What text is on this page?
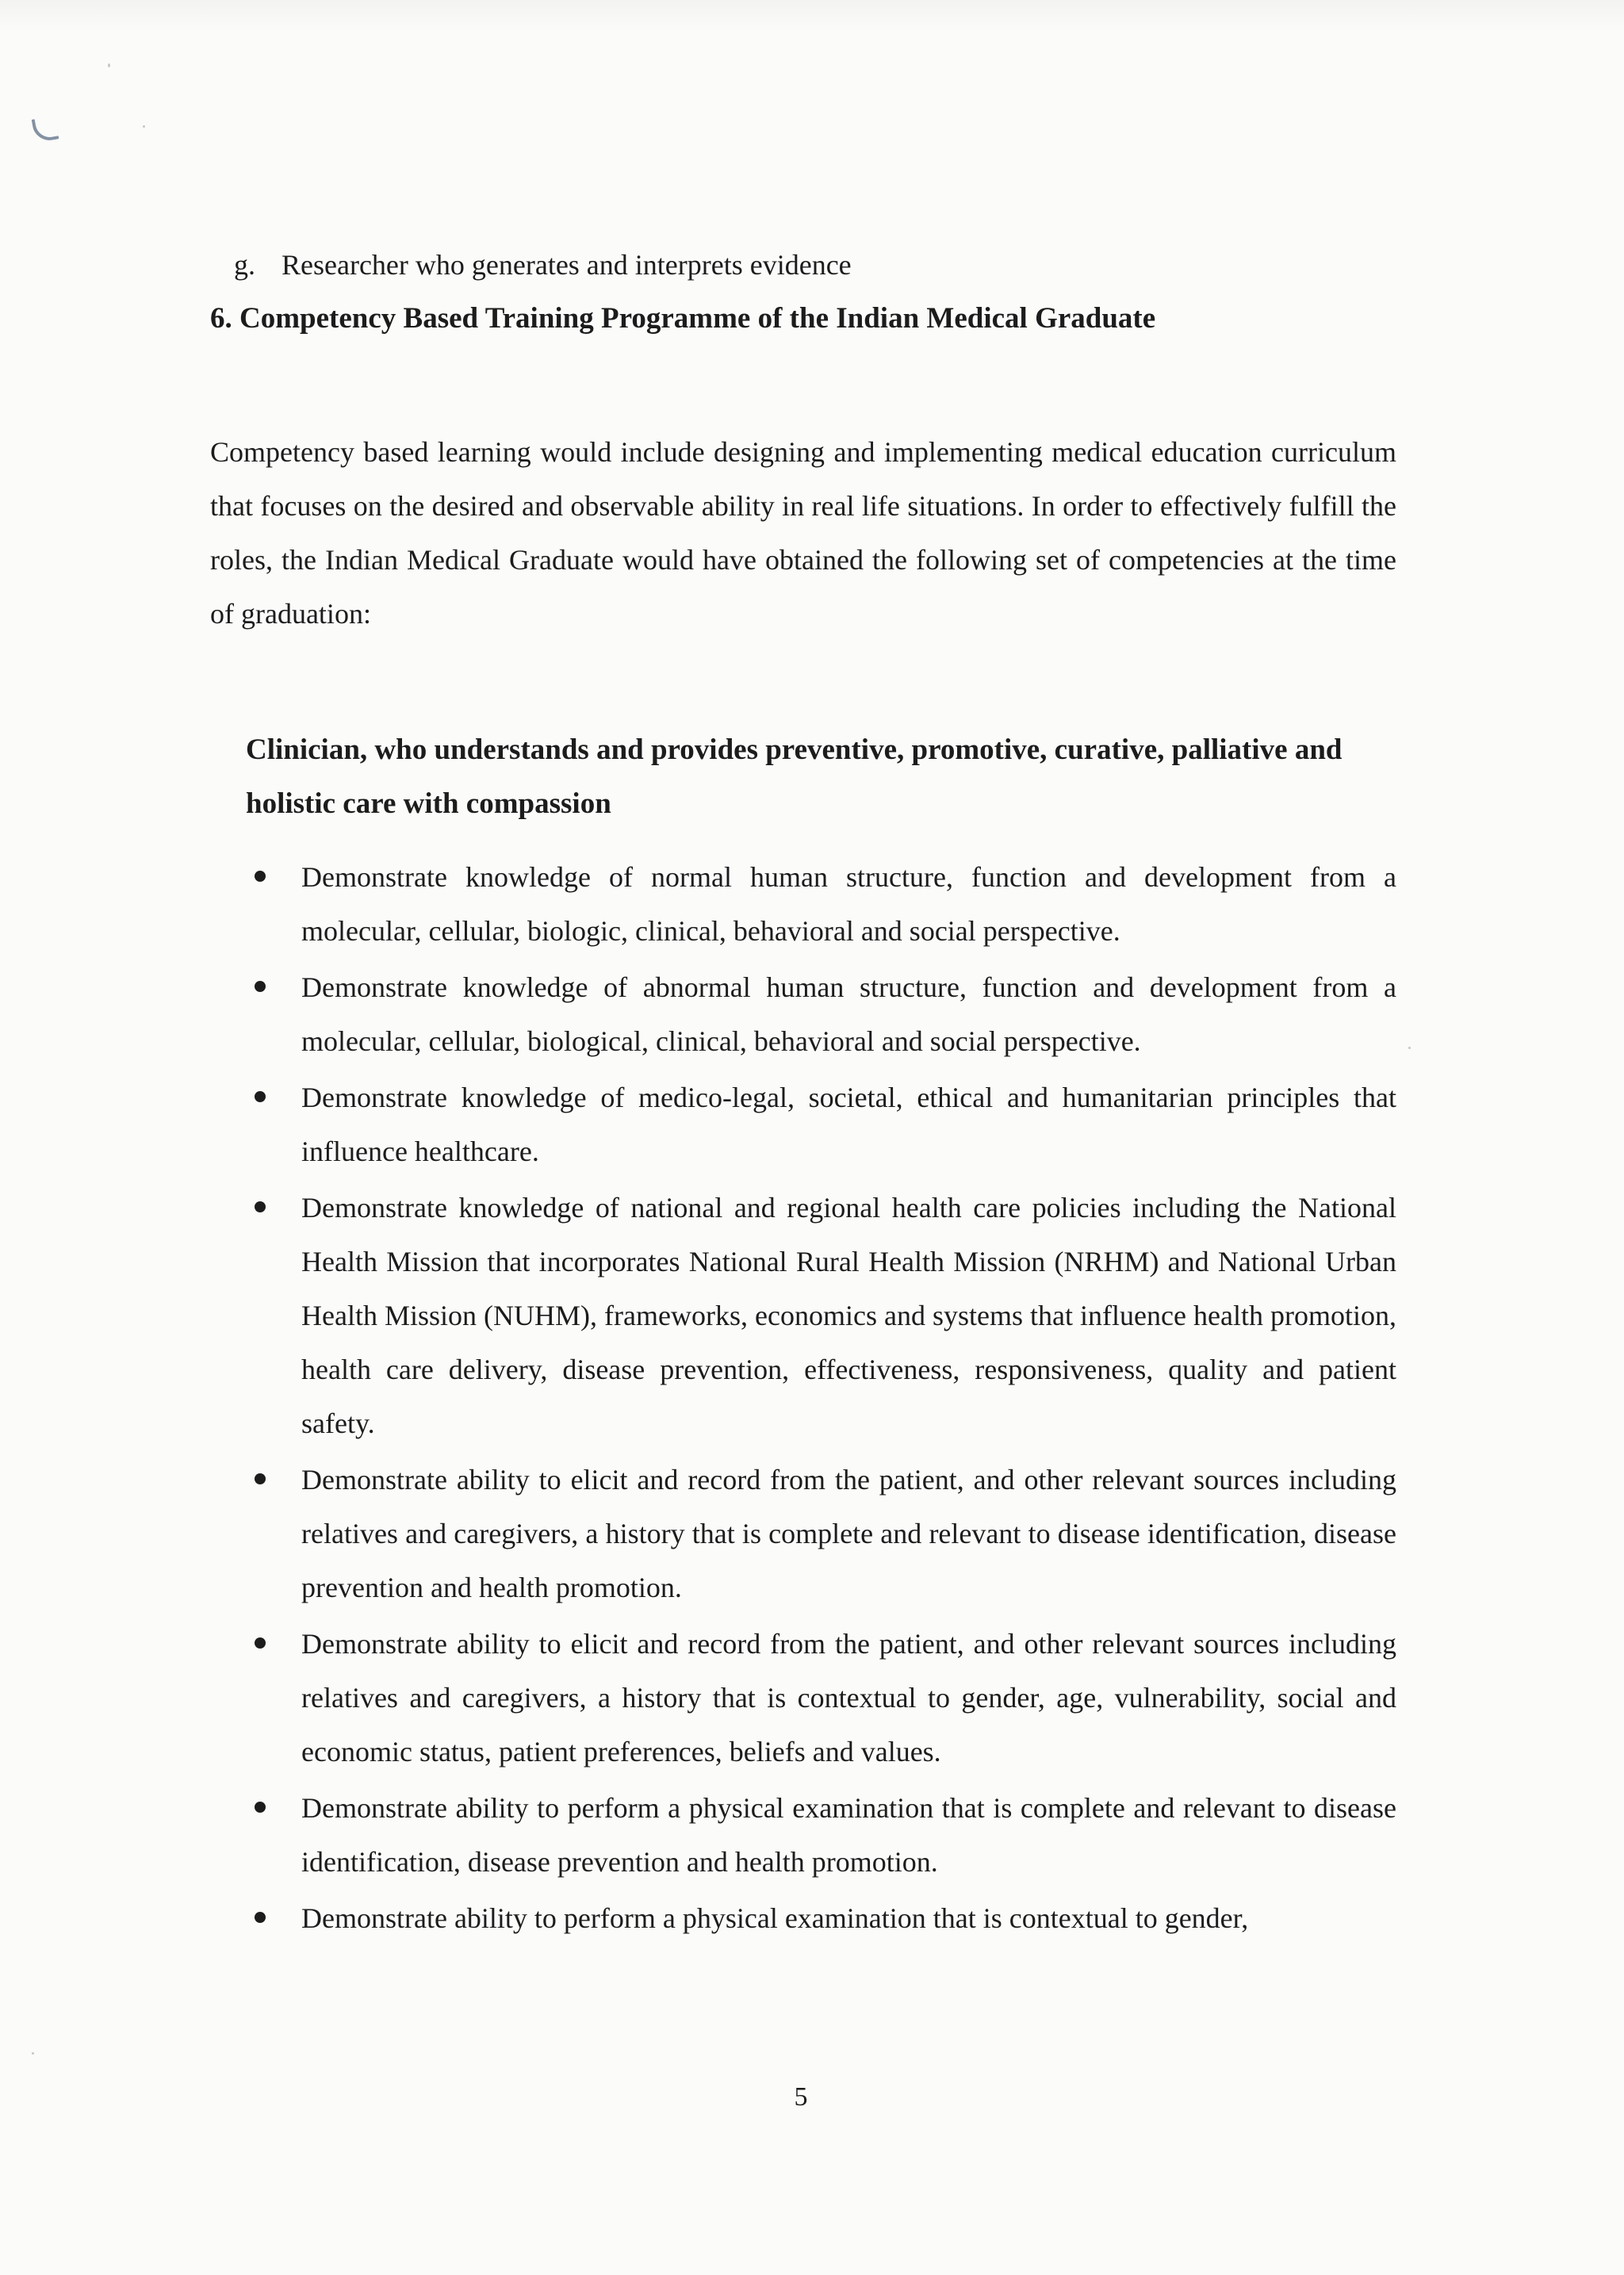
g. Researcher who generates and interprets evidence
6. Competency Based Training Programme of the Indian Medical Graduate

Competency based learning would include designing and implementing medical education curriculum that focuses on the desired and observable ability in real life situations. In order to effectively fulfill the roles, the Indian Medical Graduate would have obtained the following set of competencies at the time of graduation:

Clinician, who understands and provides preventive, promotive, curative, palliative and holistic care with compassion
Demonstrate knowledge of normal human structure, function and development from a molecular, cellular, biologic, clinical, behavioral and social perspective.
Demonstrate knowledge of abnormal human structure, function and development from a molecular, cellular, biological, clinical, behavioral and social perspective.
Demonstrate knowledge of medico-legal, societal, ethical and humanitarian principles that influence healthcare.
Demonstrate knowledge of national and regional health care policies including the National Health Mission that incorporates National Rural Health Mission (NRHM) and National Urban Health Mission (NUHM), frameworks, economics and systems that influence health promotion, health care delivery, disease prevention, effectiveness, responsiveness, quality and patient safety.
Demonstrate ability to elicit and record from the patient, and other relevant sources including relatives and caregivers, a history that is complete and relevant to disease identification, disease prevention and health promotion.
Demonstrate ability to elicit and record from the patient, and other relevant sources including relatives and caregivers, a history that is contextual to gender, age, vulnerability, social and economic status, patient preferences, beliefs and values.
Demonstrate ability to perform a physical examination that is complete and relevant to disease identification, disease prevention and health promotion.
Demonstrate ability to perform a physical examination that is contextual to gender,
5
